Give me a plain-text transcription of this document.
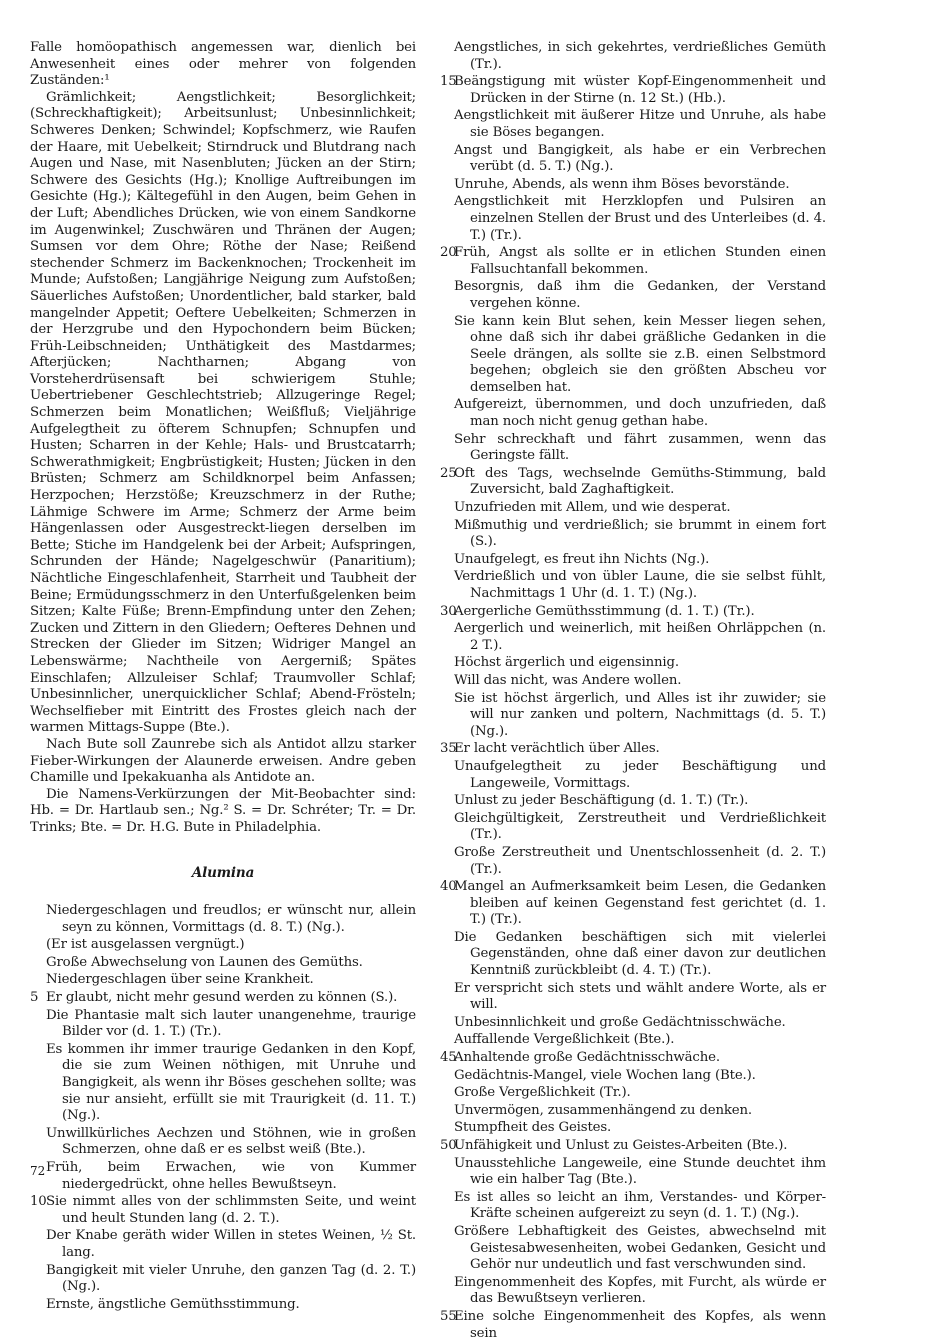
Falle homöopathisch angemessen war, dienlich bei Anwesenheit eines oder mehrer von folgenden Zuständen:¹

Grämlichkeit; Aengstlichkeit; Besorglichkeit; (Schreckhaftigkeit); Arbeitsunlust; Unbesinnlichkeit; Schweres Denken; Schwindel; Kopfschmerz, wie Raufen der Haare, mit Uebelkeit; Stirndruck und Blutdrang nach Augen und Nase, mit Nasenbluten; Jücken an der Stirn; Schwere des Gesichts (Hg.); Knollige Auftreibungen im Gesichte (Hg.); Kältegefühl in den Augen, beim Gehen in der Luft; Abendliches Drücken, wie von einem Sandkorne im Augenwinkel; Zuschwären und Thränen der Augen; Sumsen vor dem Ohre; Röthe der Nase; Reißend stechender Schmerz im Backenknochen; Trockenheit im Munde; Aufstoßen; Langjährige Neigung zum Aufstoßen; Säuerliches Aufstoßen; Unordentlicher, bald starker, bald mangelnder Appetit; Oeftere Uebelkeiten; Schmerzen in der Herzgrube und den Hypochondern beim Bücken; Früh-Leibschneiden; Unthätigkeit des Mastdarmes; Afterjücken; Nachtharnen; Abgang von Vorsteherdrüsensaft bei schwierigem Stuhle; Uebertriebener Geschlechtstrieb; Allzugeringe Regel; Schmerzen beim Monatlichen; Weißfluß; Vieljährige Aufgelegtheit zu öfterem Schnupfen; Schnupfen und Husten; Scharren in der Kehle; Hals- und Brustcatarrh; Schwerathmigkeit; Engbrüstigkeit; Husten; Jücken in den Brüsten; Schmerz am Schildknorpel beim Anfassen; Herzpochen; Herzstöße; Kreuzschmerz in der Ruthe; Lähmige Schwere im Arme; Schmerz der Arme beim Hängenlassen oder Ausgestreckt-liegen derselben im Bette; Stiche im Handgelenk bei der Arbeit; Aufspringen, Schrunden der Hände; Nagelgeschwür (Panaritium); Nächtliche Eingeschlafenheit, Starrheit und Taubheit der Beine; Ermüdungsschmerz in den Unterfußgelenken beim Sitzen; Kalte Füße; Brenn-Empfindung unter den Zehen; Zucken und Zittern in den Gliedern; Oefteres Dehnen und Strecken der Glieder im Sitzen; Widriger Mangel an Lebenswärme; Nachtheile von Aergerniß; Spätes Einschlafen; Allzuleiser Schlaf; Traumvoller Schlaf; Unbesinnlicher, unerquicklicher Schlaf; Abend-Frösteln; Wechselfieber mit Eintritt des Frostes gleich nach der warmen Mittags-Suppe (Bte.).

Nach Bute soll Zaunrebe sich als Antidot allzu starker Fieber-Wirkungen der Alaunerde erweisen. Andre geben Chamille und Ipekakuanha als Antidote an.

Die Namens-Verkürzungen der Mit-Beobachter sind: Hb. = Dr. Hartlaub sen.; Ng.² S. = Dr. Schréter; Tr. = Dr. Trinks; Bte. = Dr. H.G. Bute in Philadelphia.

Alumina

Niedergeschlagen und freudlos; er wünscht nur, allein seyn zu können, Vormittags (d. 8. T.) (Ng.).

(Er ist ausgelassen vergnügt.)

Große Abwechselung von Launen des Gemüths.

Niedergeschlagen über seine Krankheit.

5 Er glaubt, nicht mehr gesund werden zu können (S.).

Die Phantasie malt sich lauter unangenehme, traurige Bilder vor (d. 1. T.) (Tr.).

Es kommen ihr immer traurige Gedanken in den Kopf, die sie zum Weinen nöthigen, mit Unruhe und Bangigkeit, als wenn ihr Böses geschehen sollte; was sie nur ansieht, erfüllt sie mit Traurigkeit (d. 11. T.) (Ng.).

Unwillkürliches Aechzen und Stöhnen, wie in großen Schmerzen, ohne daß er es selbst weiß (Bte.).

Früh, beim Erwachen, wie von Kummer niedergedrückt, ohne helles Bewußtseyn.

10 Sie nimmt alles von der schlimmsten Seite, und weint und heult Stunden lang (d. 2. T.).

Der Knabe geräth wider Willen in stetes Weinen, ½ St. lang.

Bangigkeit mit vieler Unruhe, den ganzen Tag (d. 2. T.) (Ng.).

Ernste, ängstliche Gemüthsstimmung.

Aengstliches, in sich gekehrtes, verdrießliches Gemüth (Tr.).

15
Beängstigung mit wüster Kopf-Eingenommenheit und Drücken in der Stirne (n. 12 St.) (Hb.).

Aengstlichkeit mit äußerer Hitze und Unruhe, als habe sie Böses begangen.

Angst und Bangigkeit, als habe er ein Verbrechen verübt (d. 5. T.) (Ng.).

Unruhe, Abends, als wenn ihm Böses bevorstände.

Aengstlichkeit mit Herzklopfen und Pulsiren an einzelnen Stellen der Brust und des Unterleibes (d. 4. T.) (Tr.).

20
Früh, Angst als sollte er in etlichen Stunden einen Fallsuchtanfall bekommen.

Besorgnis, daß ihm die Gedanken, der Verstand vergehen könne.

Sie kann kein Blut sehen, kein Messer liegen sehen, ohne daß sich ihr dabei gräßliche Gedanken in die Seele drängen, als sollte sie z.B. einen Selbstmord begehen; obgleich sie den größten Abscheu vor demselben hat.

Aufgereizt, übernommen, und doch unzufrieden, daß man noch nicht genug gethan habe.

Sehr schreckhaft und fährt zusammen, wenn das Geringste fällt.

25
Oft des Tags, wechselnde Gemüths-Stimmung, bald Zuversicht, bald Zaghaftigkeit.

Unzufrieden mit Allem, und wie desperat.

Mißmuthig und verdrießlich; sie brummt in einem fort (S.).

Unaufgelegt, es freut ihn Nichts (Ng.).

Verdrießlich und von übler Laune, die sie selbst fühlt, Nachmittags 1 Uhr (d. 1. T.) (Ng.).

30
Aergerliche Gemüthsstimmung (d. 1. T.) (Tr.).

Aergerlich und weinerlich, mit heißen Ohrläppchen (n. 2 T.).

Höchst ärgerlich und eigensinnig.

Will das nicht, was Andere wollen.

Sie ist höchst ärgerlich, und Alles ist ihr zuwider; sie will nur zanken und poltern, Nachmittags (d. 5. T.) (Ng.).

35
Er lacht verächtlich über Alles.

Unaufgelegtheit zu jeder Beschäftigung und Langeweile, Vormittags.

Unlust zu jeder Beschäftigung (d. 1. T.) (Tr.).

Gleichgültigkeit, Zerstreutheit und Verdrießlichkeit (Tr.).

Große Zerstreutheit und Unentschlossenheit (d. 2. T.) (Tr.).

40
Mangel an Aufmerksamkeit beim Lesen, die Gedanken bleiben auf keinen Gegenstand fest gerichtet (d. 1. T.) (Tr.).

Die Gedanken beschäftigen sich mit vielerlei Gegenständen, ohne daß einer davon zur deutlichen Kenntniß zurückbleibt (d. 4. T.) (Tr.).

Er verspricht sich stets und wählt andere Worte, als er will.

Unbesinnlichkeit und große Gedächtnisschwäche.

Auffallende Vergeßlichkeit (Bte.).

45
Anhaltende große Gedächtnisschwäche.

Gedächtnis-Mangel, viele Wochen lang (Bte.).

Große Vergeßlichkeit (Tr.).

Unvermögen, zusammenhängend zu denken.

Stumpfheit des Geistes.

50
Unfähigkeit und Unlust zu Geistes-Arbeiten (Bte.).

Unausstehliche Langeweile, eine Stunde deuchtet ihm wie ein halber Tag (Bte.).

Es ist alles so leicht an ihm, Verstandes- und Körper-Kräfte scheinen aufgereizt zu seyn (d. 1. T.) (Ng.).

Größere Lebhaftigkeit des Geistes, abwechselnd mit Geistesabwesenheiten, wobei Gedanken, Gesicht und Gehör nur undeutlich und fast verschwunden sind.

Eingenommenheit des Kopfes, mit Furcht, als würde er das Bewußtseyn verlieren.

55
Eine solche Eingenommenheit des Kopfes, als wenn sein

72
